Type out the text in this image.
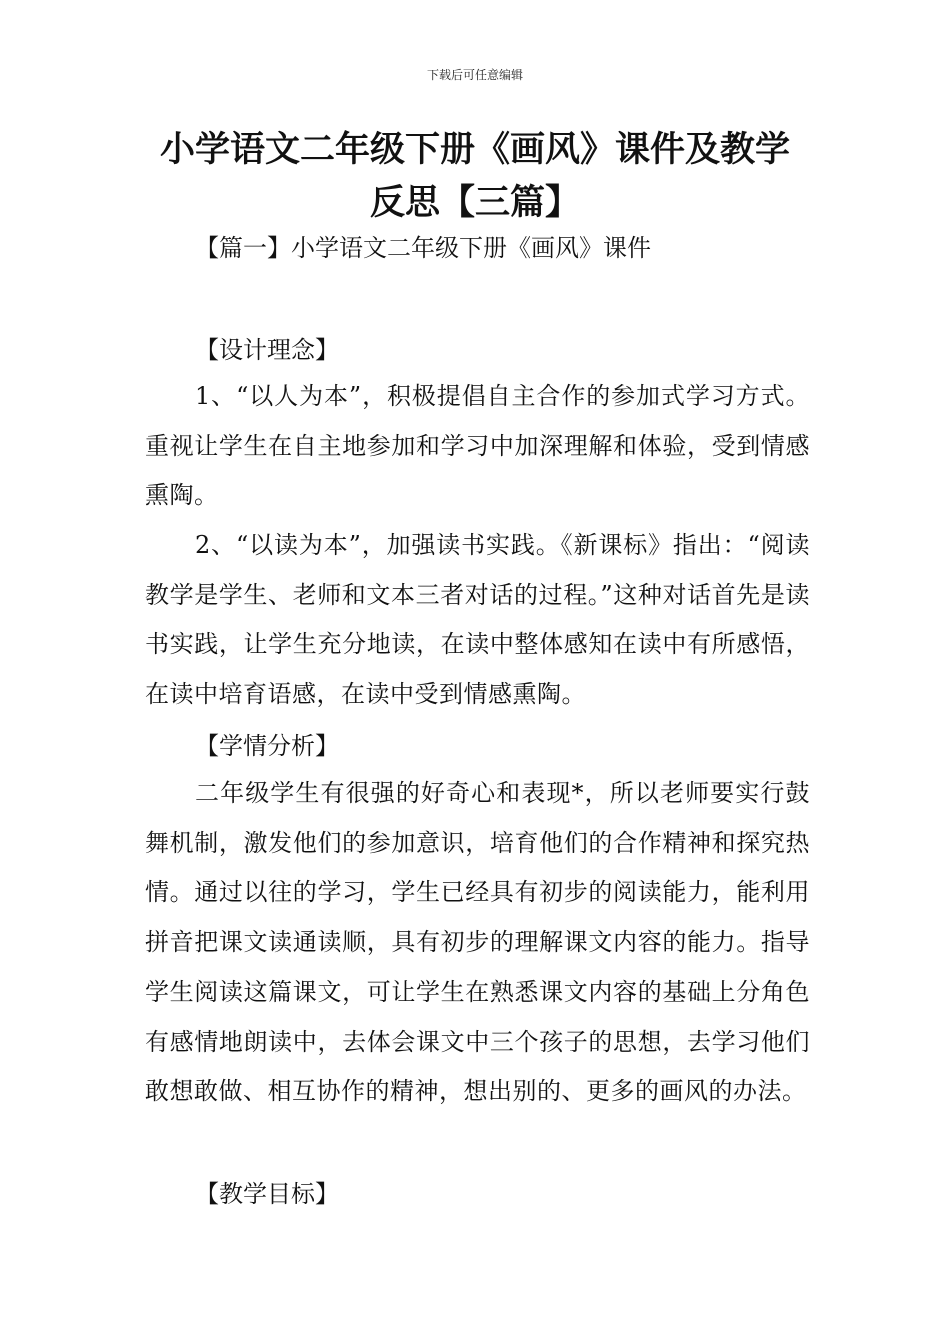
下载后可任意编辑
小学语文二年级下册《画风》课件及教学
反思【三篇】
【篇一】小学语文二年级下册《画风》课件
【设计理念】

1、“以人为本”，积极提倡自主合作的参加式学习方式。重视让学生在自主地参加和学习中加深理解和体验，受到情感熏陶。

2、“以读为本”，加强读书实践。《新课标》指出：“阅读教学是学生、老师和文本三者对话的过程。”这种对话首先是读书实践，让学生充分地读，在读中整体感知在读中有所感悟，在读中培育语感，在读中受到情感熏陶。

【学情分析】

二年级学生有很强的好奇心和表现*，所以老师要实行鼓舞机制，激发他们的参加意识，培育他们的合作精神和探究热情。通过以往的学习，学生已经具有初步的阅读能力，能利用拼音把课文读通读顺，具有初步的理解课文内容的能力。指导学生阅读这篇课文，可让学生在熟悉课文内容的基础上分角色有感情地朗读中，去体会课文中三个孩子的思想，去学习他们敢想敢做、相互协作的精神，想出别的、更多的画风的办法。

【教学目标】
